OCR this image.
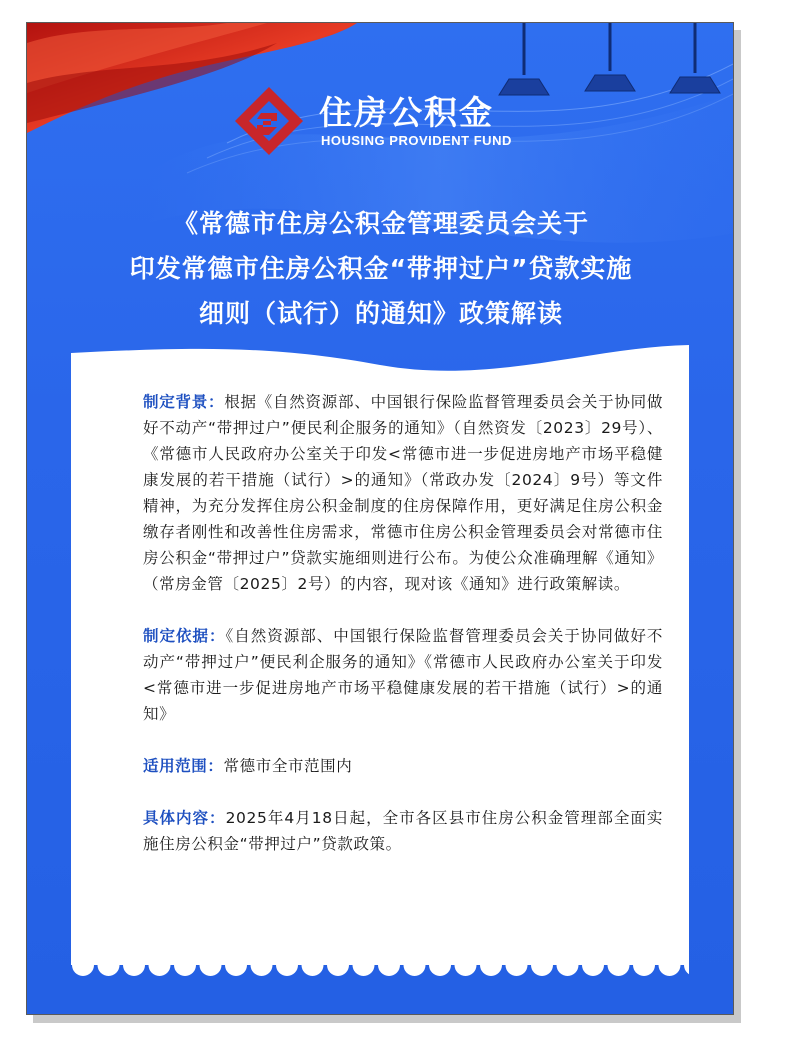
住房公积金
HOUSING PROVIDENT FUND
《常德市住房公积金管理委员会关于
印发常德市住房公积金“带押过户”贷款实施
细则（试行）的通知》政策解读

制定背景：根据《自然资源部、中国银行保险监督管理委员会关于协同做好不动产“带押过户”便民利企服务的通知》（自然资发〔2023〕29号）、《常德市人民政府办公室关于印发<常德市进一步促进房地产市场平稳健康发展的若干措施（试行）>的通知》（常政办发〔2024〕9号）等文件精神，为充分发挥住房公积金制度的住房保障作用，更好满足住房公积金缴存者刚性和改善性住房需求，常德市住房公积金管理委员会对常德市住房公积金“带押过户”贷款实施细则进行公布。为使公众准确理解《通知》（常房金管〔2025〕2号）的内容，现对该《通知》进行政策解读。

制定依据：《自然资源部、中国银行保险监督管理委员会关于协同做好不动产“带押过户”便民利企服务的通知》《常德市人民政府办公室关于印发<常德市进一步促进房地产市场平稳健康发展的若干措施（试行）>的通知》

适用范围：常德市全市范围内

具体内容：2025年4月18日起，全市各区县市住房公积金管理部全面实施住房公积金“带押过户”贷款政策。
